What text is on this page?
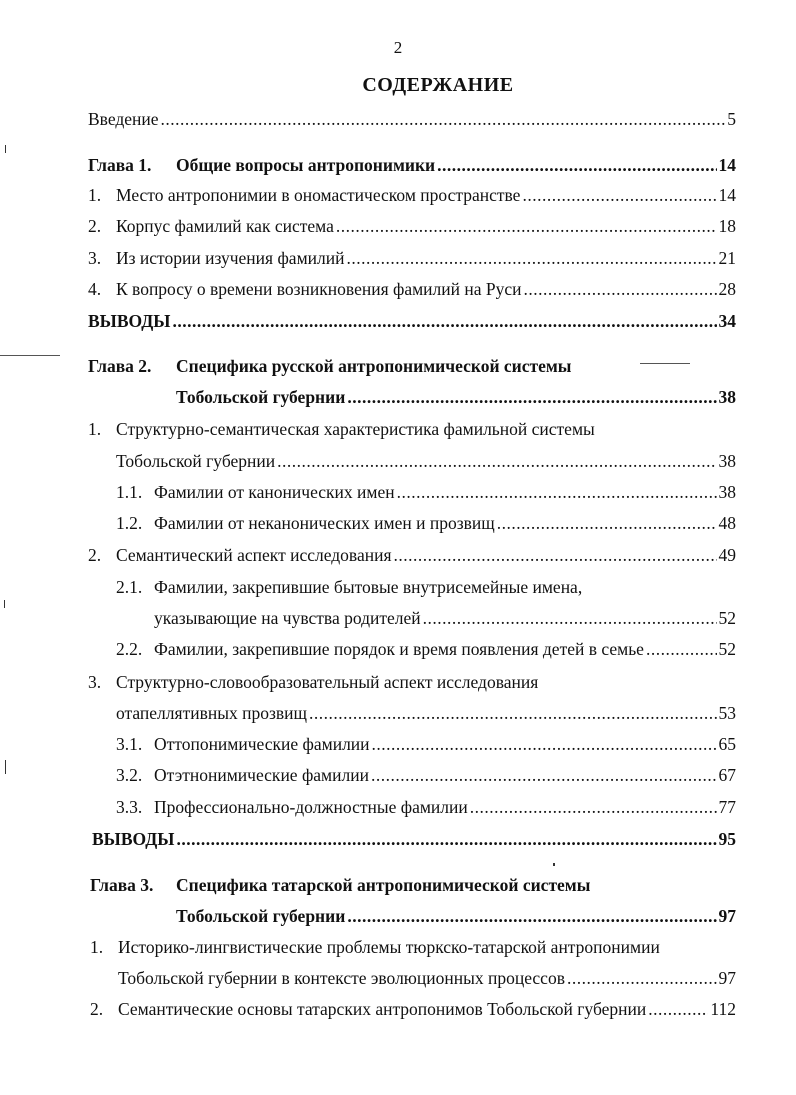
2
СОДЕРЖАНИЕ
Введение .....	5
Глава 1.	Общие вопросы антропонимики .....	14
1. Место антропонимии в ономастическом пространстве .....	14
2. Корпус фамилий как система .....	18
3. Из истории изучения фамилий .....	21
4. К вопросу о времени возникновения фамилий на Руси .....	28
ВЫВОДЫ .....	34
Глава 2.	Специфика русской антропонимической системы
Тобольской губернии .....	38
1. Структурно-семантическая характеристика фамильной системы
Тобольской губернии .....	38
1.1. Фамилии от канонических имен .....	38
1.2. Фамилии от неканонических имен и прозвищ .....	48
2. Семантический аспект исследования .....	49
2.1. Фамилии, закрепившие бытовые внутрисемейные имена,
указывающие на чувства родителей .....	52
2.2. Фамилии, закрепившие порядок и время появления детей в семье .....	52
3. Структурно-словообразовательный аспект исследования
отапеллятивных прозвищ .....	53
3.1. Оттопонимические фамилии .....	65
3.2. Отэтнонимические фамилии .....	67
3.3. Профессионально-должностные фамилии .....	77
ВЫВОДЫ .....	95
Глава 3.	Специфика татарской антропонимической системы
Тобольской губернии .....	97
1. Историко-лингвистические проблемы тюркско-татарской антропонимии
Тобольской губернии в контексте эволюционных процессов .....	97
2. Семантические основы татарских антропонимов Тобольской губернии .....	112
